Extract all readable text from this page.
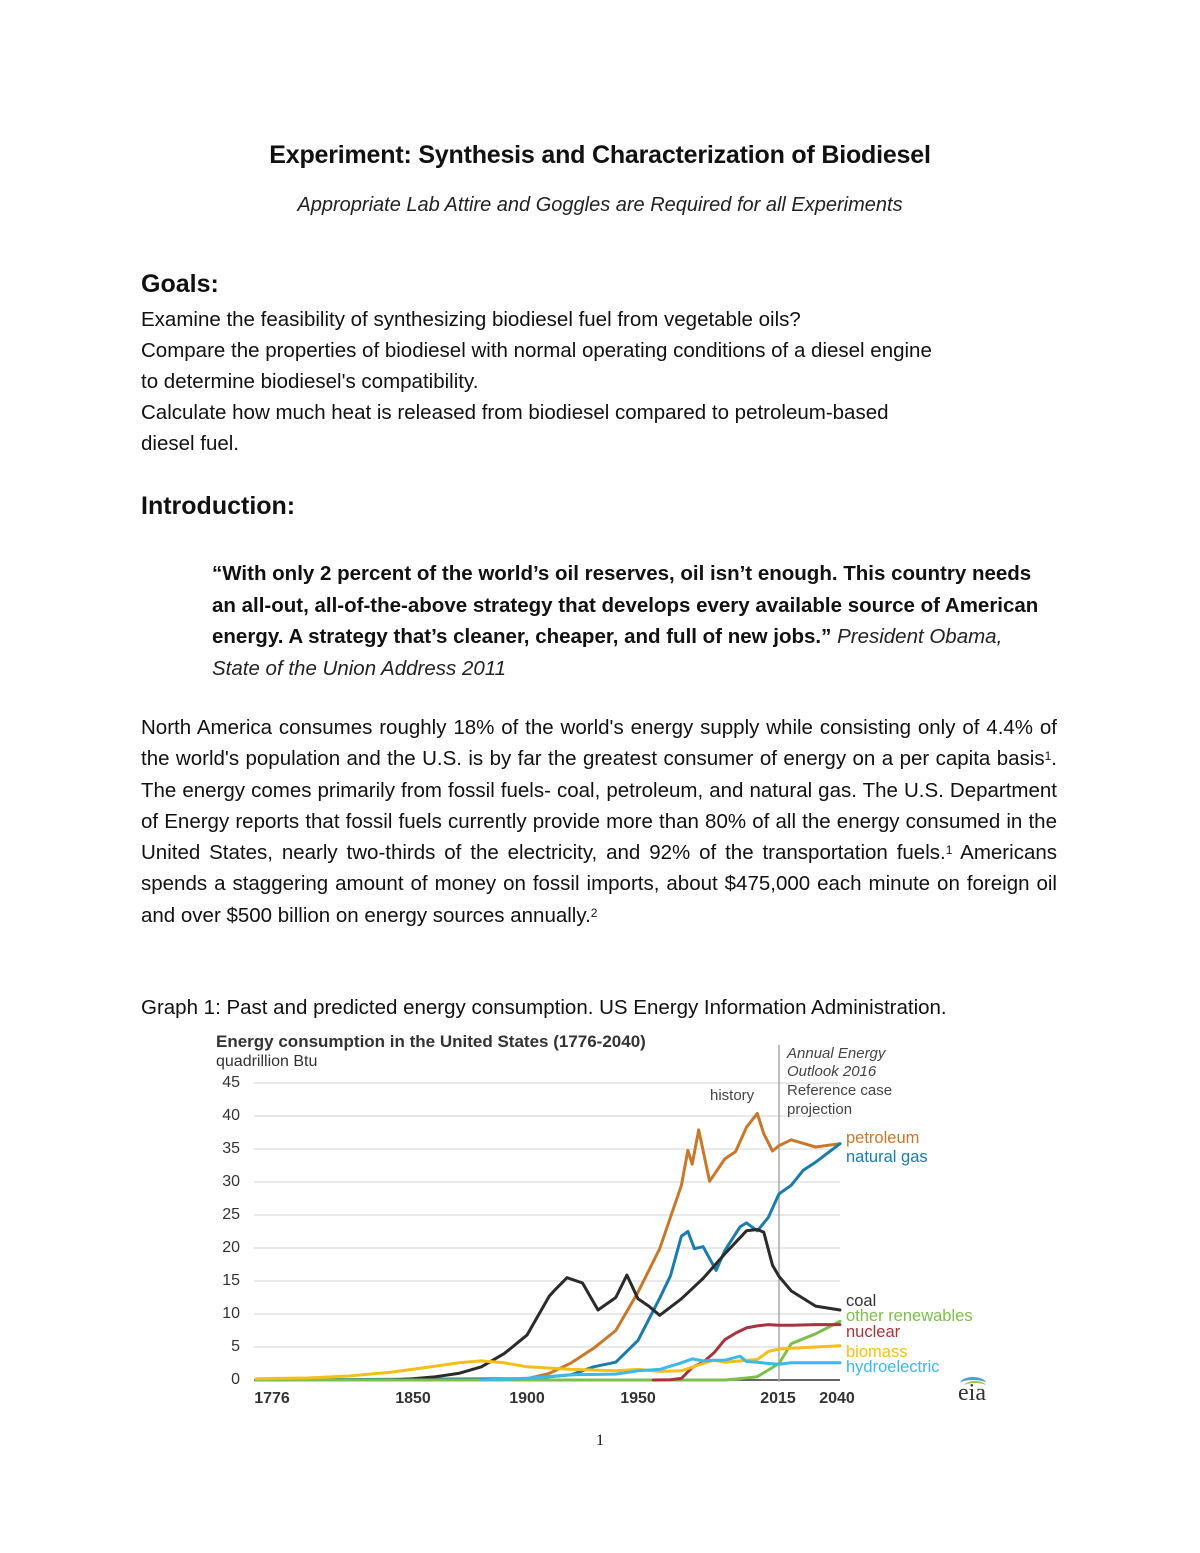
Experiment: Synthesis and Characterization of Biodiesel
Appropriate Lab Attire and Goggles are Required for all Experiments
Goals:
Examine the feasibility of synthesizing biodiesel fuel from vegetable oils?
Compare the properties of biodiesel with normal operating conditions of a diesel engine
to determine biodiesel's compatibility.
Calculate how much heat is released from biodiesel compared to petroleum-based
diesel fuel.
Introduction:
“With only 2 percent of the world’s oil reserves, oil isn’t enough. This country needs an all-out, all-of-the-above strategy that develops every available source of American energy. A strategy that’s cleaner, cheaper, and full of new jobs.” President Obama, State of the Union Address 2011
North America consumes roughly 18% of the world's energy supply while consisting only of 4.4% of the world's population and the U.S. is by far the greatest consumer of energy on a per capita basis$^1$. The energy comes primarily from fossil fuels- coal, petroleum, and natural gas. The U.S. Department of Energy reports that fossil fuels currently provide more than 80% of all the energy consumed in the United States, nearly two-thirds of the electricity, and 92% of the transportation fuels.$^1$ Americans spends a staggering amount of money on fossil imports, about $475,000 each minute on foreign oil and over $500 billion on energy sources annually.$^2$
Graph 1: Past and predicted energy consumption. US Energy Information Administration.
Energy consumption in the United States (1776-2040)
quadrillion Btu
45
40
35
30
25
20
15
10
5
0
1776	1850	1900	1950	2015 2040
Annual Energy
Outlook 2016
Reference case
projection
history
petroleum
natural gas
coal
other renewables
nuclear
biomass
hydroelectric
eia
1
